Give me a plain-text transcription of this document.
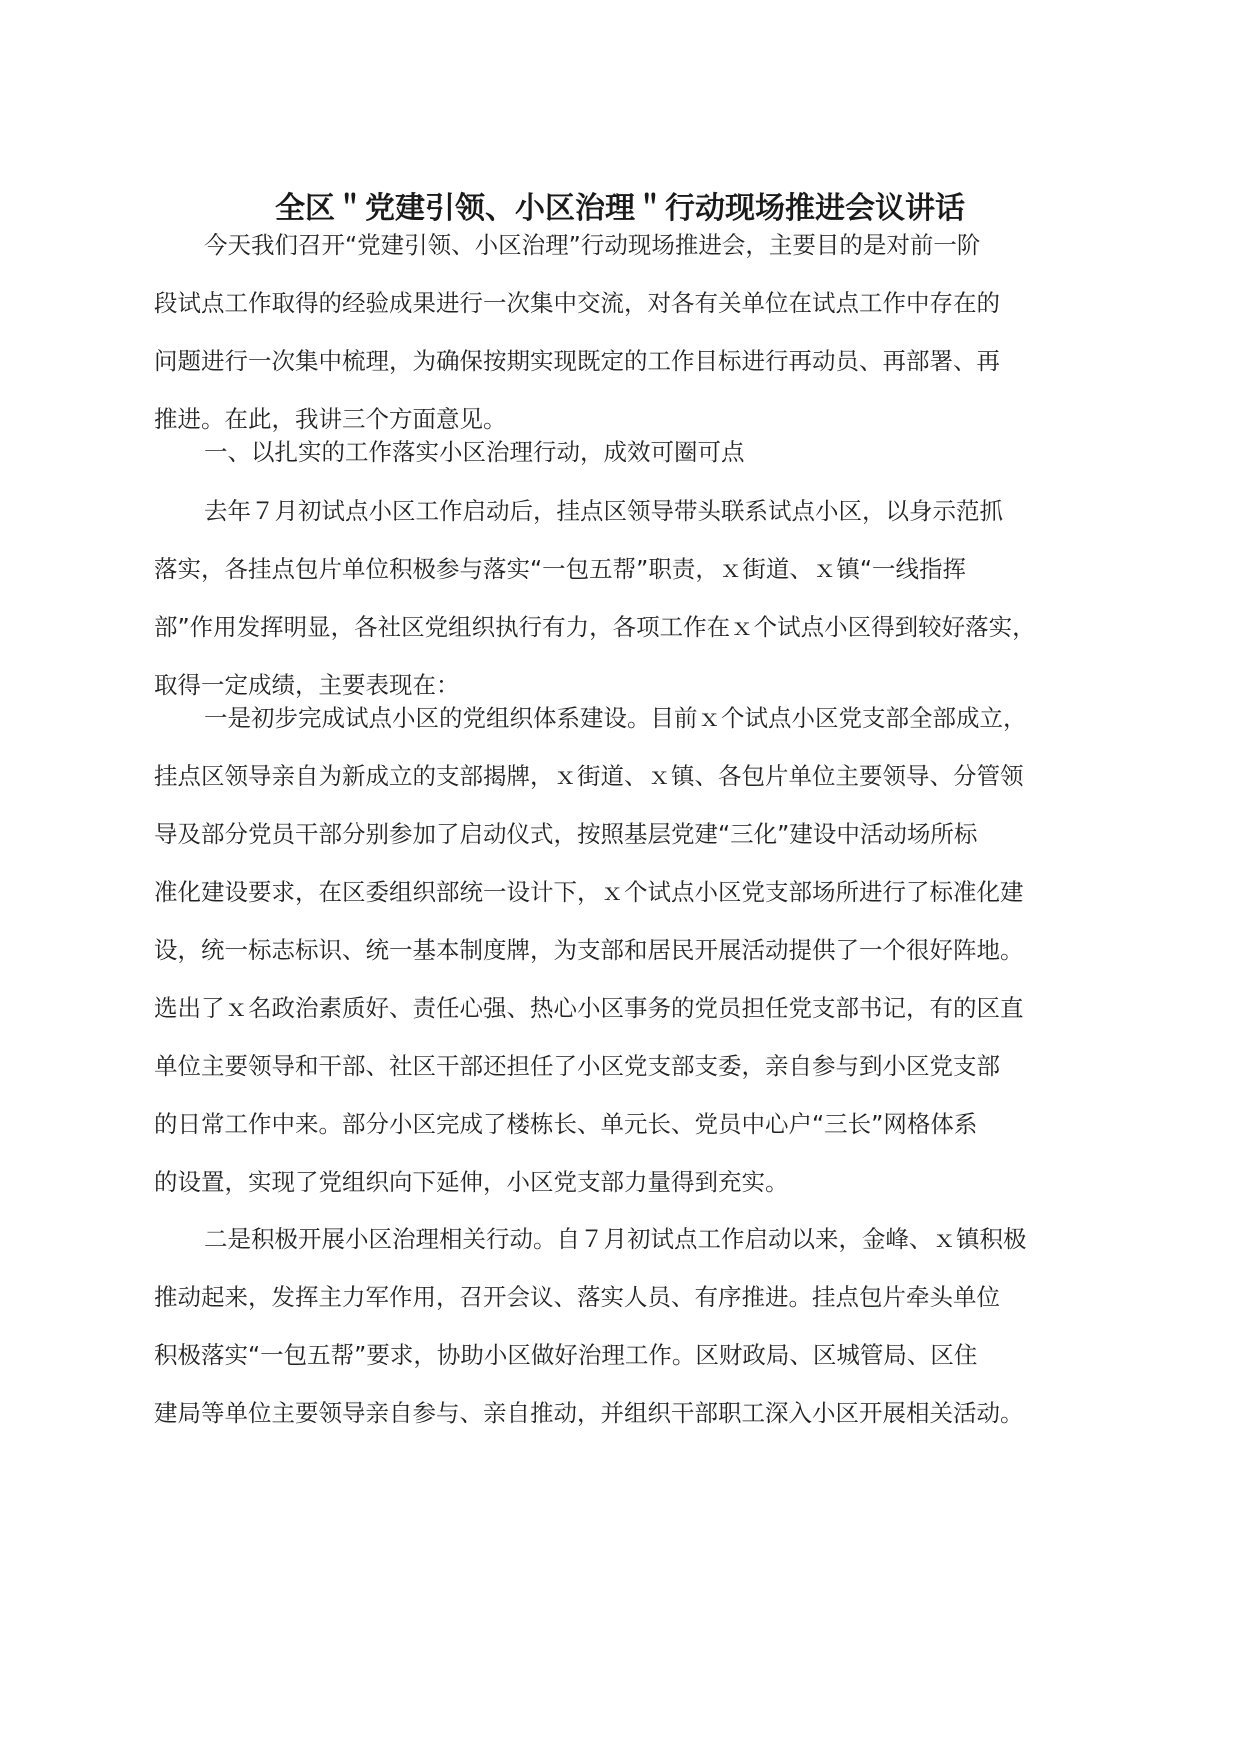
全区＂党建引领、小区治理＂行动现场推进会议讲话
今天我们召开“党建引领、小区治理”行动现场推进会，主要目的是对前一阶
段试点工作取得的经验成果进行一次集中交流，对各有关单位在试点工作中存在的
问题进行一次集中梳理，为确保按期实现既定的工作目标进行再动员、再部署、再
推进。在此，我讲三个方面意见。
一、以扎实的工作落实小区治理行动，成效可圈可点
去年７月初试点小区工作启动后，挂点区领导带头联系试点小区，以身示范抓
落实，各挂点包片单位积极参与落实“一包五帮”职责，ｘ街道、ｘ镇“一线指挥
部”作用发挥明显，各社区党组织执行有力，各项工作在ｘ个试点小区得到较好落实，
取得一定成绩，主要表现在：
一是初步完成试点小区的党组织体系建设。目前ｘ个试点小区党支部全部成立，
挂点区领导亲自为新成立的支部揭牌，ｘ街道、ｘ镇、各包片单位主要领导、分管领
导及部分党员干部分别参加了启动仪式，按照基层党建“三化”建设中活动场所标
准化建设要求，在区委组织部统一设计下，ｘ个试点小区党支部场所进行了标准化建
设，统一标志标识、统一基本制度牌，为支部和居民开展活动提供了一个很好阵地。
选出了ｘ名政治素质好、责任心强、热心小区事务的党员担任党支部书记，有的区直
单位主要领导和干部、社区干部还担任了小区党支部支委，亲自参与到小区党支部
的日常工作中来。部分小区完成了楼栋长、单元长、党员中心户“三长”网格体系
的设置，实现了党组织向下延伸，小区党支部力量得到充实。
二是积极开展小区治理相关行动。自７月初试点工作启动以来，金峰、ｘ镇积极
推动起来，发挥主力军作用，召开会议、落实人员、有序推进。挂点包片牵头单位
积极落实“一包五帮”要求，协助小区做好治理工作。区财政局、区城管局、区住
建局等单位主要领导亲自参与、亲自推动，并组织干部职工深入小区开展相关活动。
